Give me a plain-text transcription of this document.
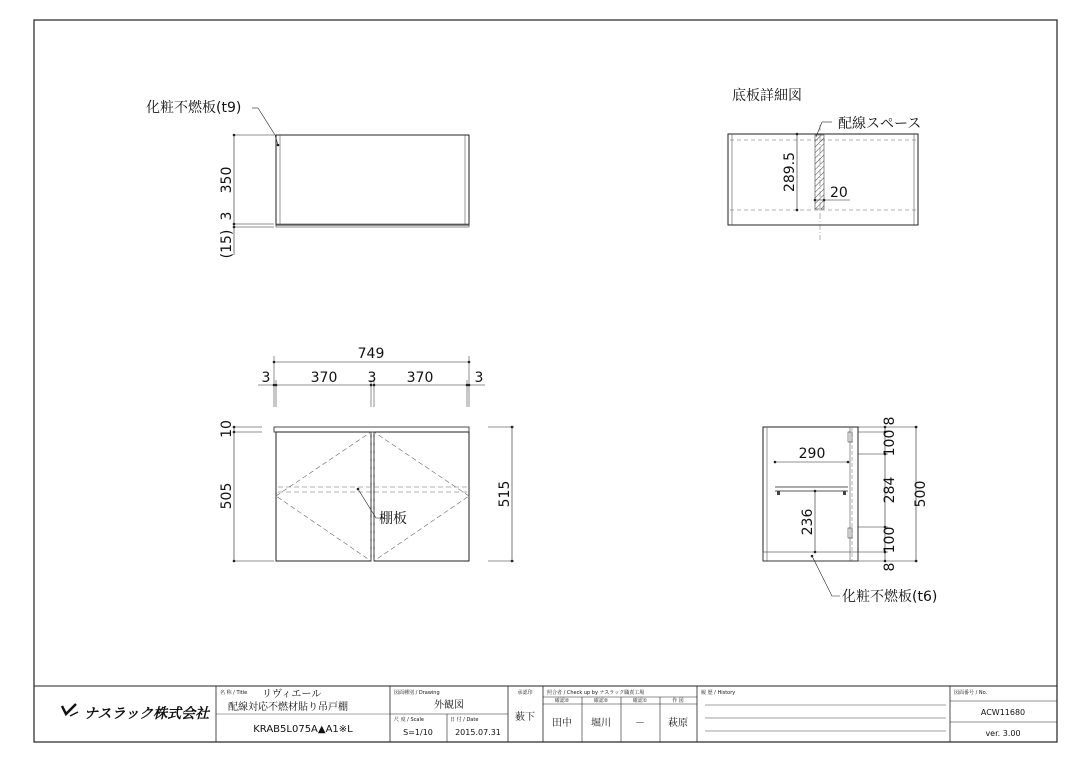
化粧不燃板(t9)
350
3
(15)
底板詳細図
配線スペース
289.5
20
749
3	370 3 370	3
棚板
10
505	515
290
236
8
100
284
100
8
500
化粧不燃板(t6)
ナスラック株式会社
名 称 / Title リヴィエール
配線対応不燃材貼り吊戸棚
KRAB5L075A▲A1※L
図面種別 / Drawing
外観図
尺 度 / Scale
S=1/10
日 付 / Date
2015.07.31
承認印
薮下
照合者 / Check up by ナスラック職責工場
確認②	確認②	確認①	作 図
田中 堀川 － 萩原
履 歴 / History	図面番号 / No.
ACW11680
ver. 3.00
